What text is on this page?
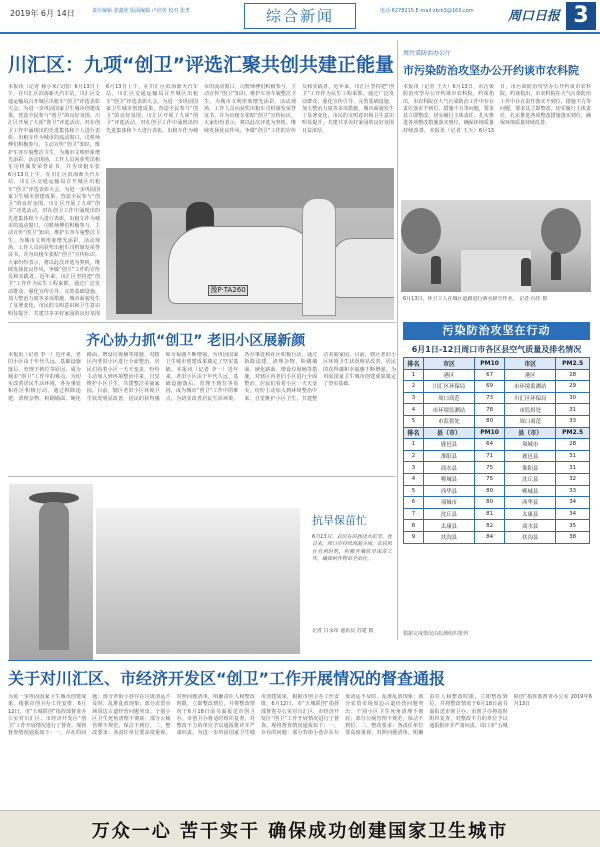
2019年 6月 14日	责任编辑 张鑫欣 版面编辑 卢培英 校对 张勇	综合新闻	电话:6278215 E-mail:zkrb3@163.com	周口日报 3
川汇区：九项“创卫”评选汇聚共创共建正能量
本报讯（记者 杨小米/文图）6月13日上午，在川汇区滨海新天汽车站，川汇区交通运输局召开城区出租车“创卫”评选表彰大会。为进一步巩固国家卫生城市创建成果，营造全民参与“创卫”的良好氛围，川汇区开展了九项“创卫”评选活动，对在创卫工作中涌现出的先进集体和个人进行表彰。出租车作为城市的流动窗口，司机师傅们积极参与，主动宣传“创卫”知识，维护车容车貌整洁卫生，为城市文明形象增光添彩。活动现场，工作人员向获奖出租车司机颁发荣誉证书，并为出租车张
6月13日上午，在川汇区滨海新天汽车站，川汇区交通运输局召开城区出租车“创卫”评选表彰大会。为进一步巩固国家卫生城市创建成果，营造全民参与“创卫”的良好氛围，川汇区开展了九项“创卫”评选活动，对在创卫工作中涌现出的先进集体和个人进行表彰。出租车作为城市的流动窗口，司机师傅们积极参与，主动宣传“创卫”知识，维护车容车貌整洁卫生，为城市文明形象增光添彩。活动现场，工作人员向获奖出租车司机颁发荣誉证书，并为出租车张贴“创卫”宣传标识。大家纷纷表示，将以此次评选为契机，继续发扬优良作风，争做“创卫”工作的宣传员和实践者。近年来，川汇区坚持把“创卫”工作作为民生工程来抓，通过广泛发动群众、强化宣传引导、完善基础设施、加大整治力度等多项措施，城市面貌发生了显著变化，市民的文明意识和卫生意识明显提升，共建共享美好家园的良好氛围日益浓厚。
6月13日上午，在川汇区滨海新天汽车站，川汇区交通运输局召开城区出租车“创卫”评选表彰大会。为进一步巩固国家卫生城市创建成果，营造全民参与“创卫”的良好氛围，川汇区开展了九项“创卫”评选活动，对在创卫工作中涌现出的先进集体和个人进行表彰。出租车作为城市的流动窗口，司机师傅们积极参与，主动宣传“创卫”知识，维护车容车貌整洁卫生，为城市文明形象增光添彩。活动现场，工作人员向获奖出租车司机颁发荣誉证书，并为出租车张贴“创卫”宣传标识。大家纷纷表示，将以此次评选为契机，继续发扬优良作风，争做“创卫”工作的宣传员和实践者。近年来，川汇区坚持把“创卫”工作作为民生工程来抓，通过广泛发动群众、强化宣传引导、完善基础设施、加大整治力度等多项措施，城市面貌发生了显著变化，市民的文明意识和卫生意识明显提升，共建共享美好家园的良好氛围
豫P·TA260
齐心协力抓“创卫” 老旧小区展新颜
本报讯（记者 李一）近年来，老旧小区由于年代久远、基础设施落后、管理不到位等原因，成为城市“创卫”工作中的难点。为切实改善居民生活环境，各办事处和社区积极行动，通过拆除违建、清理杂物、粉刷墙面、硬化路面、增设垃圾桶等措施，对辖区内老旧小区进行全面整治。居民们看着小区一天天变美，纷纷主动加入到环境整治中来，自觉维护小区卫生，共建整洁美丽家园。目前，辖区老旧小区环境卫生状况明显改善，居民的获得感和幸福感不断增强，为巩固国家卫生城市创建成果奠定了坚实基础。本报讯（记者 李一）近年来，老旧小区由于年代久远、基础设施落后、管理不到位等原因，成为城市“创卫”工作中的难点。为切实改善居民生活环境，各办事处和社区积极行动，通过拆除违建、清理杂物、粉刷墙面、硬化路面、增设垃圾桶等措施，对辖区内老旧小区进行全面整治。居民们看着小区一天天变美，纷纷主动加入到环境整治中来，自觉维护小区卫生，共建整洁美丽家园。目前，辖区老旧小区环境卫生状况明显改善，居民的获得感和幸福感不断增强，为巩固国家卫生城市创建成果奠定了坚实基础。
抗旱保苗忙
6月13日，农民在田间浇水抗旱。连日来，周口市持续高温少雨，农民抓住有利时机，积极开展抗旱保苗工作，确保秋作物苗全苗壮。
记者 白永帝 通讯员 苏建 摄
周污染防治办公厅
市污染防治攻坚办公开约谈市农科院
本报讯（记者 王天）6月13日，市污染防治攻坚办公开约谈市农科院。约谈指出，市农科院在大气污染防治工作中存在责任落实不到位、措施不力等问题，要求其立即整改，切实履行主体责任，扎实推进各项整改措施落实到位，确保环境质量持续改善。本报讯（记者 王天）6月13日，市污染防治攻坚办公开约谈市农科院。约谈指出，市农科院在大气污染防治工作中存在责任落实不到位、措施不力等问题，要求其立即整改，切实履行主体责任，扎实推进各项整改措施落实到位，确保环境质量持续改善。
6月13日，环卫工人在城区道路进行洒水降尘作业。 记者 冯佳 摄
污染防治攻坚在行动
6月1日-12日周口市各区县空气质量及排名情况
排名	市区	PM10	市区	PM2.5
1	港区	67	港区	28
2	川汇区环保局	69	市环境监测站	29
3	周口商范	73	川汇区环保局	30
4	市环境监测站	78	市监督处	31
5	市监督处	80	周口商范	33
排名	县（市）	PM10	县（市）	PM2.5
1	鹿邑县	64	项城市	28
2	淮阳县	71	鹿邑县	31
3	商水县	75	淮阳县	31
4	郸城县	75	沈丘县	32
5	西华县	80	郸城县	33
6	项城市	80	西华县	34
7	沈丘县	81	太康县	34
8	太康县	82	商水县	35
9	扶沟县	84	扶沟县	38
根据完成情况由监测组织排列
关于对川汇区、市经济开发区“创卫”工作开展情况的督查通报
为进一步巩固国家卫生城市创建成果，根据市创卫办工作安排，6月12日，市“五城联创”指挥部督查办公室对川汇区、市经济开发区“创卫”工作开展情况进行了督查。现将督查情况通报如下：一、存在的问题：部分背街小巷存在垃圾清运不及时、乱堆乱放现象；部分农贸市场周边占道经营问题突出；个别小区卫生死角清理不彻底；部分公厕管理不规范，保洁不到位。二、整改要求：各责任单位要高度重视，对照问题清单，明确责任人和整改时限，立即整改到位，并将整改情况于6月18日前书面报送市创卫办。市创卫办将适时组织复查，对整改不力的单位予以通报批评并严肃问责。为进一步巩固国家卫生城市创建成果，根据市创卫办工作安排，6月12日，市“五城联创”指挥部督查办公室对川汇区、市经济开发区“创卫”工作开展情况进行了督查。现将督查情况通报如下：一、存在的问题：部分背街小巷存在垃圾清运不及时、乱堆乱放现象；部分农贸市场周边占道经营问题突出；个别小区卫生死角清理不彻底；部分公厕管理不规范，保洁不到位。二、整改要求：各责任单位要高度重视，对照问题清单，明确责任人和整改时限，立即整改到位，并将整改情况于6月18日前书面报送市创卫办。市创卫办将适时组织复查，对整改不力的单位予以通报批评并严肃问责。周口市“五城联创”指挥部督查办公室 2019年6月13日
万众一心 苦干实干 确保成功创建国家卫生城市
